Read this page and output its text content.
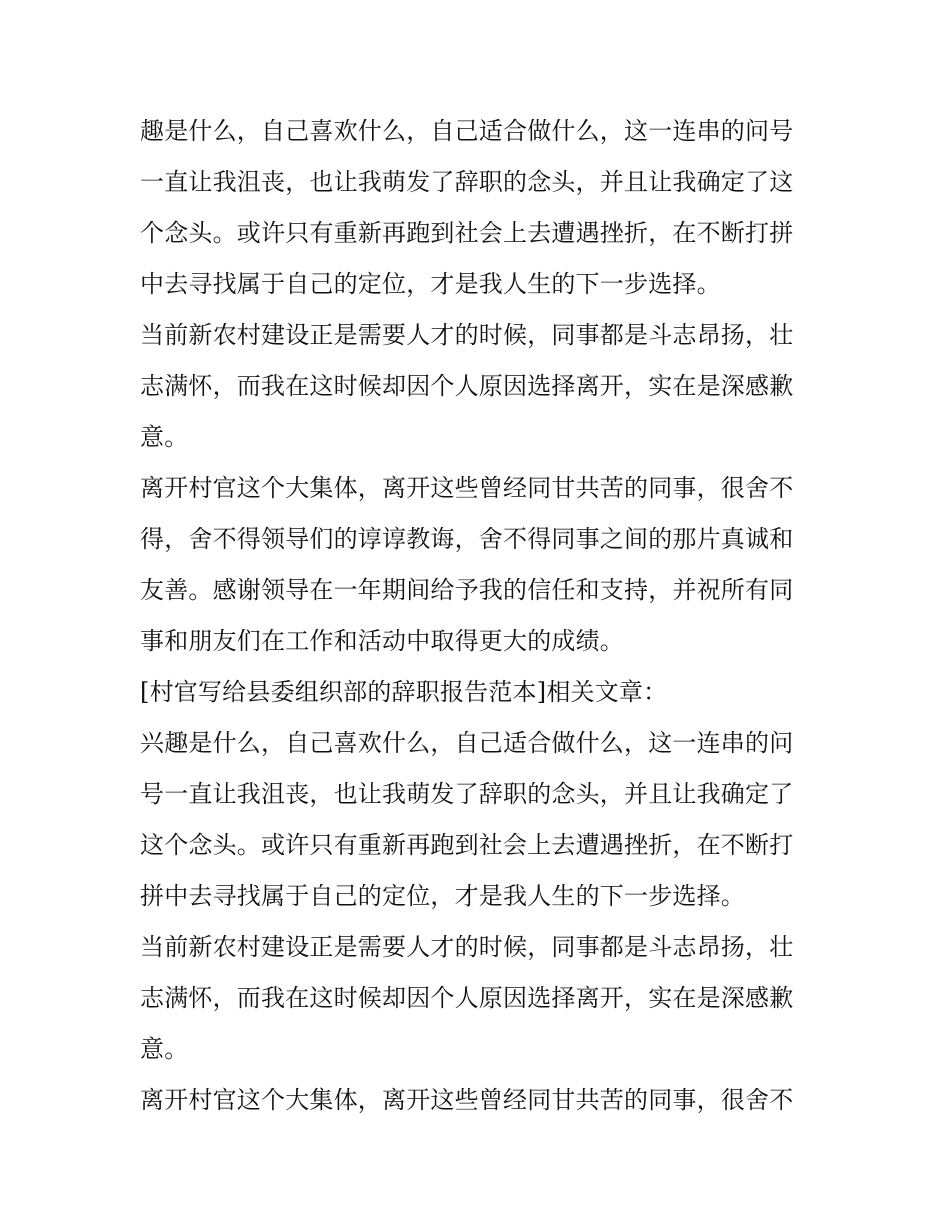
趣是什么，自己喜欢什么，自己适合做什么，这一连串的问号
一直让我沮丧，也让我萌发了辞职的念头，并且让我确定了这
个念头。或许只有重新再跑到社会上去遭遇挫折，在不断打拼
中去寻找属于自己的定位，才是我人生的下一步选择。
当前新农村建设正是需要人才的时候，同事都是斗志昂扬，壮
志满怀，而我在这时候却因个人原因选择离开，实在是深感歉
意。
离开村官这个大集体，离开这些曾经同甘共苦的同事，很舍不
得，舍不得领导们的谆谆教诲，舍不得同事之间的那片真诚和
友善。感谢领导在一年期间给予我的信任和支持，并祝所有同
事和朋友们在工作和活动中取得更大的成绩。
[村官写给县委组织部的辞职报告范本]相关文章：
兴趣是什么，自己喜欢什么，自己适合做什么，这一连串的问
号一直让我沮丧，也让我萌发了辞职的念头，并且让我确定了
这个念头。或许只有重新再跑到社会上去遭遇挫折，在不断打
拼中去寻找属于自己的定位，才是我人生的下一步选择。
当前新农村建设正是需要人才的时候，同事都是斗志昂扬，壮
志满怀，而我在这时候却因个人原因选择离开，实在是深感歉
意。
离开村官这个大集体，离开这些曾经同甘共苦的同事，很舍不
